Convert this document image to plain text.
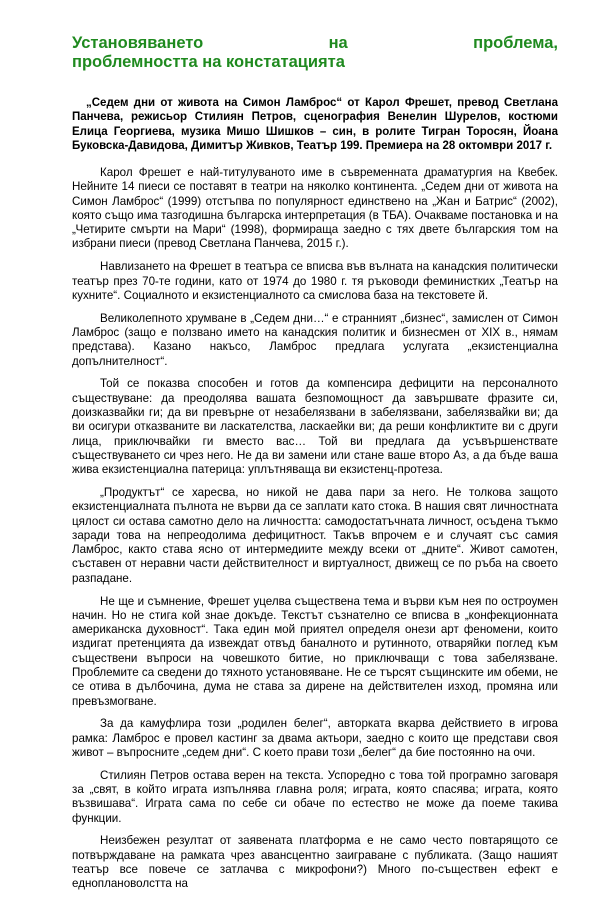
Установяването	на	проблема,
проблемността на констатацията
„Седем дни от живота на Симон Ламброс“ от Карол Фрешет, превод Светлана Панчева, режисьор Стилиян Петров, сценография Венелин Шурелов, костюми Елица Георгиева, музика Мишо Шишков – син, в ролите Тигран Торосян, Йоана Буковска-Давидова, Димитър Живков, Театър 199. Премиера на 28 октомври 2017 г.

Карол Фрешет е най-титулуваното име в съвременната драматургия на Квебек. Нейните 14 пиеси се поставят в театри на няколко континента. „Седем дни от живота на Симон Ламброс“ (1999) отстъпва по популярност единствено на „Жан и Батрис“ (2002), която също има тазгодишна българска интерпретация (в ТБА). Очакваме постановка и на „Четирите смърти на Мари“ (1998), формираща заедно с тях двете българския том на избрани пиеси (превод Светлана Панчева, 2015 г.).

Навлизането на Фрешет в театъра се вписва във вълната на канадския политически театър през 70-те години, като от 1974 до 1980 г. тя ръководи феминистких „Театър на кухните“. Социалното и екзистенциалното са смислова база на текстовете й.

Великолепното хрумване в „Седем дни…“ е странният „бизнес“, замислен от Симон Ламброс (защо е ползвано името на канадския политик и бизнесмен от XIX в., нямам представа). Казано накъсо, Ламброс предлага услугата „екзистенциална допълнителност“.

Той се показва способен и готов да компенсира дефицити на персоналното съществуване: да преодолява вашата безпомощност да завършвате фразите си, доизказвайки ги; да ви превърне от незабелязвани в забелязвани, забелязвайки ви; да ви осигури отказваните ви ласкателства, ласкаейки ви; да реши конфликтите ви с други лица, приключвайки ги вместо вас… Той ви предлага да усъвършенствате съществуването си чрез него. Не да ви замени или стане ваше второ Аз, а да бъде ваша жива екзистенциална патерица: уплътняваща ви екзистенц-протеза.

„Продуктът“ се харесва, но никой не дава пари за него. Не толкова защото екзистенциалната пълнота не върви да се заплати като стока. В нашия свят личностната цялост си остава самотно дело на личността: самодостатъчната личност, осъдена тъкмо заради това на непреодолима дефицитност. Такъв впрочем е и случаят със самия Ламброс, както става ясно от интермедиите между всеки от „дните“. Живот самотен, съставен от неравни части действителност и виртуалност, движещ се по ръба на своето разпадане.

Не ще и съмнение, Фрешет уцелва съществена тема и върви към нея по остроумен начин. Но не стига кой знае докъде. Текстът съзнателно се вписва в „конфекционната американска духовност“. Така един мой приятел определя онези арт феномени, които издигат претенцията да извеждат отвъд баналното и рутинното, отваряйки поглед към съществени въпроси на човешкото битие, но приключващи с това забелязване. Проблемите са сведени до тяхното установяване. Не се търсят същинските им обеми, не се отива в дълбочина, дума не става за дирене на действителен изход, промяна или превъзмогване.

За да камуфлира този „родилен белег“, авторката вкарва действието в игрова рамка: Ламброс е провел кастинг за двама актьори, заедно с които ще представи своя живот – въпросните „седем дни“. С което прави този „белег“ да бие постоянно на очи.

Стилиян Петров остава верен на текста. Успоредно с това той програмно заговаря за „свят, в който играта изпълнява главна роля; играта, която спасява; играта, която възвишава“. Играта сама по себе си обаче по естество не може да поеме такива функции.

Неизбежен резултат от заявената платформа е не само често повтарящото се потвърждаване на рамката чрез авансцентно заиграване с публиката. (Защо нашият театър все повече се затлачва с микрофони?) Много по-съществен ефект е едноплановолстта на
